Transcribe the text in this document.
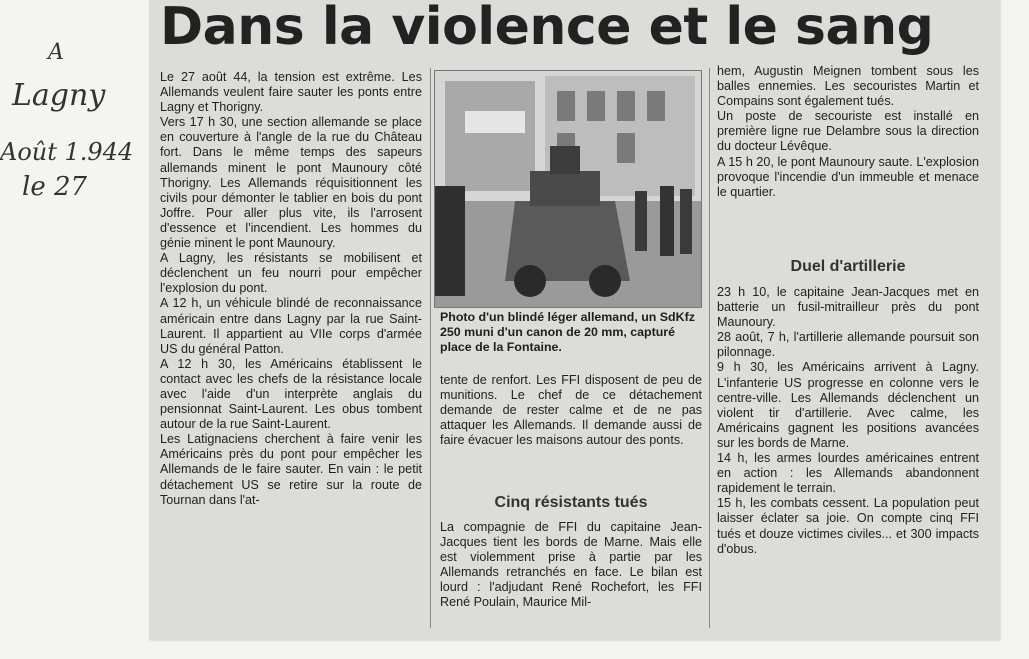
A
Lagny
Août 1.944
le 27
Dans la violence et le sang

Le 27 août 44, la tension est extrême. Les Allemands veulent faire sauter les ponts entre Lagny et Thorigny.

Vers 17 h 30, une section allemande se place en couverture à l'angle de la rue du Château fort. Dans le même temps des sapeurs allemands minent le pont Maunoury côté Thorigny. Les Allemands réquisitionnent les civils pour démonter le tablier en bois du pont Joffre. Pour aller plus vite, ils l'arrosent d'essence et l'incendient. Les hommes du génie minent le pont Maunoury.

A Lagny, les résistants se mobilisent et déclenchent un feu nourri pour empêcher l'explosion du pont.

A 12 h, un véhicule blindé de reconnaissance américain entre dans Lagny par la rue Saint-Laurent. Il appartient au VIIe corps d'armée US du général Patton.

A 12 h 30, les Américains établissent le contact avec les chefs de la résistance locale avec l'aide d'un interprète anglais du pensionnat Saint-Laurent. Les obus tombent autour de la rue Saint-Laurent.

Les Latignaciens cherchent à faire venir les Américains près du pont pour empêcher les Allemands de le faire sauter. En vain : le petit détachement US se retire sur la route de Tournan dans l'at-

Photo d'un blindé léger allemand, un SdKfz 250 muni d'un canon de 20 mm, capturé place de la Fontaine.

tente de renfort. Les FFI disposent de peu de munitions. Le chef de ce détachement demande de rester calme et de ne pas attaquer les Allemands. Il demande aussi de faire évacuer les maisons autour des ponts.

Cinq résistants tués

La compagnie de FFI du capitaine Jean-Jacques tient les bords de Marne. Mais elle est violemment prise à partie par les Allemands retranchés en face. Le bilan est lourd : l'adjudant René Rochefort, les FFI René Poulain, Maurice Mil-

hem, Augustin Meignen tombent sous les balles ennemies. Les secouristes Martin et Compains sont également tués.

Un poste de secouriste est installé en première ligne rue Delambre sous la direction du docteur Lévêque.

A 15 h 20, le pont Maunoury saute. L'explosion provoque l'incendie d'un immeuble et menace le quartier.

Duel d'artillerie

23 h 10, le capitaine Jean-Jacques met en batterie un fusil-mitrailleur près du pont Maunoury.

28 août, 7 h, l'artillerie allemande poursuit son pilonnage.

9 h 30, les Américains arrivent à Lagny. L'infanterie US progresse en colonne vers le centre-ville. Les Allemands déclenchent un violent tir d'artillerie. Avec calme, les Américains gagnent les positions avancées sur les bords de Marne.

14 h, les armes lourdes américaines entrent en action : les Allemands abandonnent rapidement le terrain.

15 h, les combats cessent. La population peut laisser éclater sa joie. On compte cinq FFI tués et douze victimes civiles... et 300 impacts d'obus.
